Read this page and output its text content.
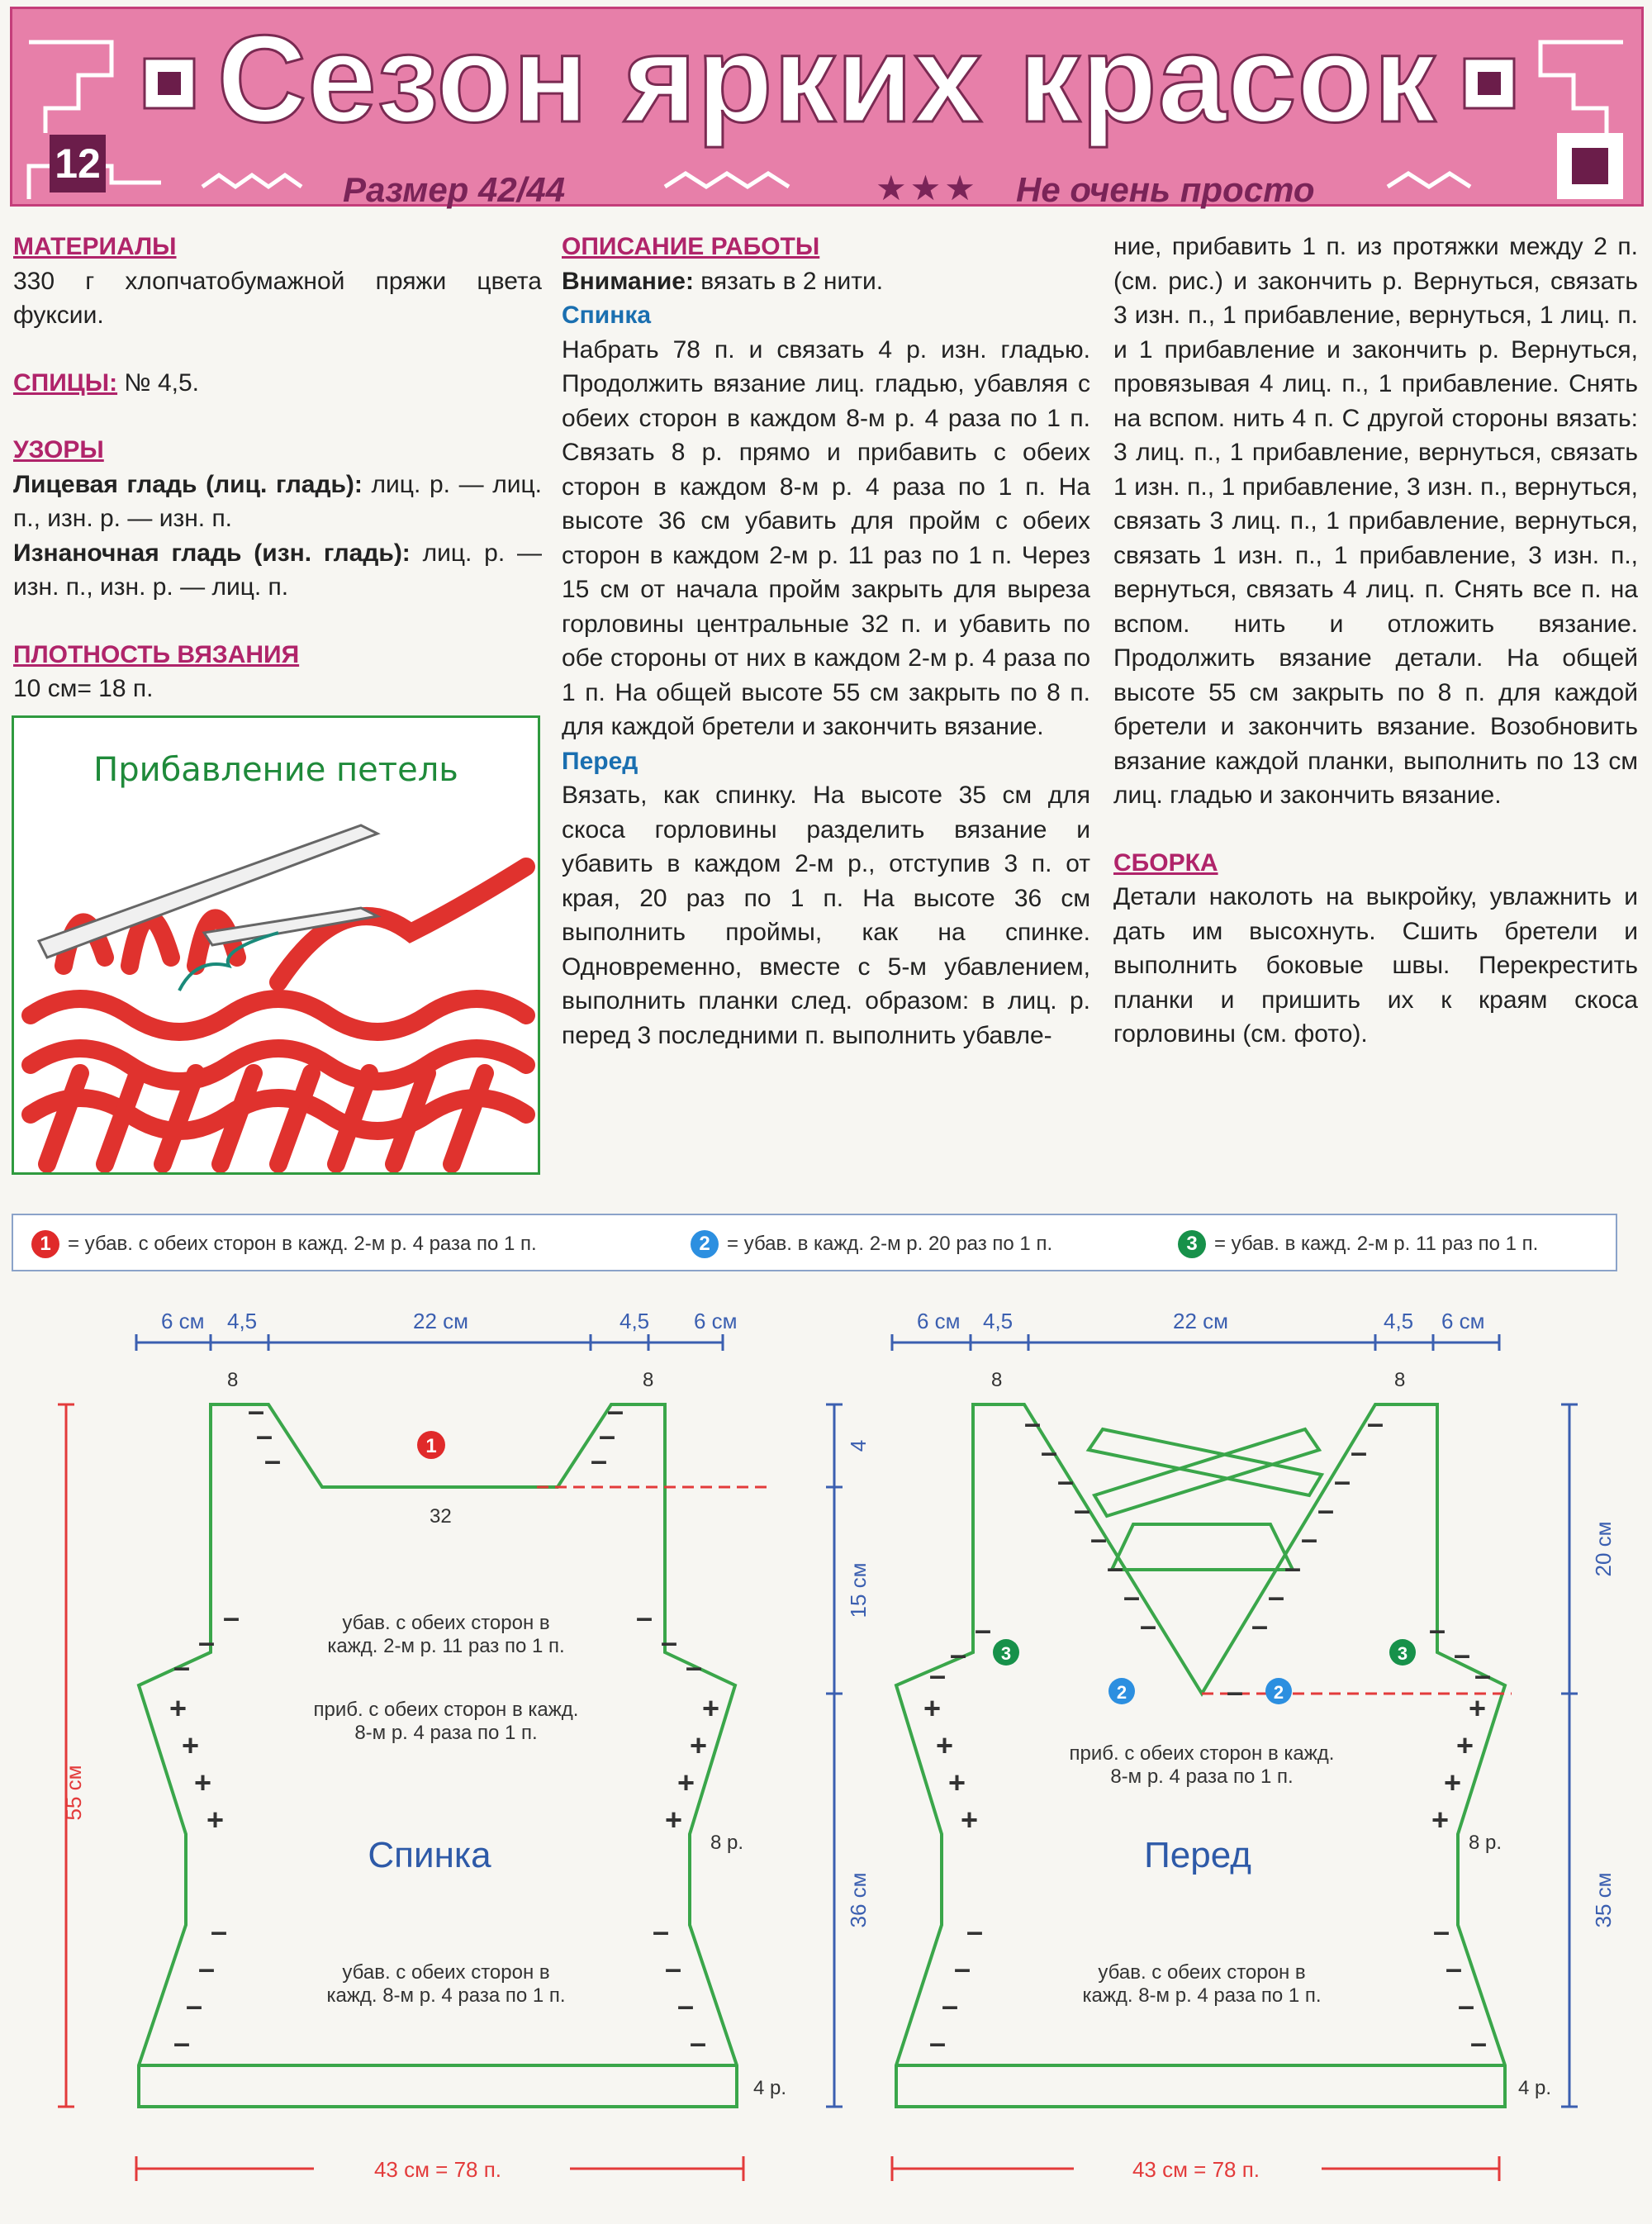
Сезон ярких красок
12
Размер 42/44	★★★ Не очень просто
МАТЕРИАЛЫ

330 г хлопчатобумажной пряжи цвета фуксии.

СПИЦЫ: № 4,5.
УЗОРЫ

Лицевая гладь (лиц. гладь): лиц. р. — лиц. п., изн. р. — изн. п.

Изнаночная гладь (изн. гладь): лиц. р. — изн. п., изн. р. — лиц. п.

ПЛОТНОСТЬ ВЯЗАНИЯ

10 см= 18 п.

Прибавление петель
ОПИСАНИЕ РАБОТЫ
Внимание: вязать в 2 нити.
Спинка

Набрать 78 п. и связать 4 р. изн. гладью. Продолжить вязание лиц. гладью, убавляя с обеих сторон в каждом 8-м р. 4 раза по 1 п. Связать 8 р. прямо и прибавить с обеих сторон в каждом 8-м р. 4 раза по 1 п. На высоте 36 см убавить для пройм с обеих сторон в каждом 2-м р. 11 раз по 1 п. Через 15 см от начала пройм закрыть для выреза горловины центральные 32 п. и убавить по обе стороны от них в каждом 2-м р. 4 раза по 1 п. На общей высоте 55 см закрыть по 8 п. для каждой бретели и закончить вязание.

Перед

Вязать, как спинку. На высоте 35 см для скоса горловины разделить вязание и убавить в каждом 2-м р., отступив 3 п. от края, 20 раз по 1 п. На высоте 36 см выполнить проймы, как на спинке. Одновременно, вместе с 5-м убавлением, выполнить планки след. образом: в лиц. р. перед 3 последними п. выполнить убавле-

ние, прибавить 1 п. из протяжки между 2 п. (см. рис.) и закончить р. Вернуться, связать 3 изн. п., 1 прибавление, вернуться, 1 лиц. п. и 1 прибавление и закончить р. Вернуться, провязывая 4 лиц. п., 1 прибавление. Снять на вспом. нить 4 п. С другой стороны вязать: 3 лиц. п., 1 прибавление, вернуться, связать 1 изн. п., 1 прибавление, 3 изн. п., вернуться, связать 3 лиц. п., 1 прибавление, вернуться, связать 1 изн. п., 1 прибавление, 3 изн. п., вернуться, связать 4 лиц. п. Снять все п. на вспом. нить и отложить вязание. Продолжить вязание детали. На общей высоте 55 см закрыть по 8 п. для каждой бретели и закончить вязание. Возобновить вязание каждой планки, выполнить по 13 см лиц. гладью и закончить вязание.

СБОРКА

Детали наколоть на выкройку, увлажнить и дать им высохнуть. Сшить бретели и выполнить боковые швы. Перекрестить планки и пришить их к краям скоса горловины (см. фото).

1 = убав. с обеих сторон в кажд. 2-м р. 4 раза по 1 п.	2 = убав. в кажд. 2-м р. 20 раз по 1 п.	3 = убав. в кажд. 2-м р. 11 раз по 1 п.
6 см 4,5	22 см	4,5 6 см
8	8
1
32
–
–
–
–
–
–
–
–
–
–
–
–
–
–
–
–
–
–
–
–
+
+
+
+
+
+
+
+
убав. с обеих сторон в
кажд. 2-м р. 11 раз по 1 п.
приб. с обеих сторон в кажд.
8-м р. 4 раза по 1 п.
Спинка	8 р.
убав. с обеих сторон в
кажд. 8-м р. 4 раза по 1 п.
4 р.
55 см
43 см = 78 п.
6 см 4,5	22 см	4,5 6 см
8	8
2	2
3	3
–
–
–
–
–
–
–
–
–
–
–
–
–
–
–
–
–
–
–
–
–
–
–
–
–
–
–
–
–
–
–
+
+
+
+
+
+
+
+
приб. с обеих сторон в кажд.
8-м р. 4 раза по 1 п.
Перед	8 р.
убав. с обеих сторон в
кажд. 8-м р. 4 раза по 1 п.
4 р.
4
15 см
36 см
20 см
35 см
43 см = 78 п.
